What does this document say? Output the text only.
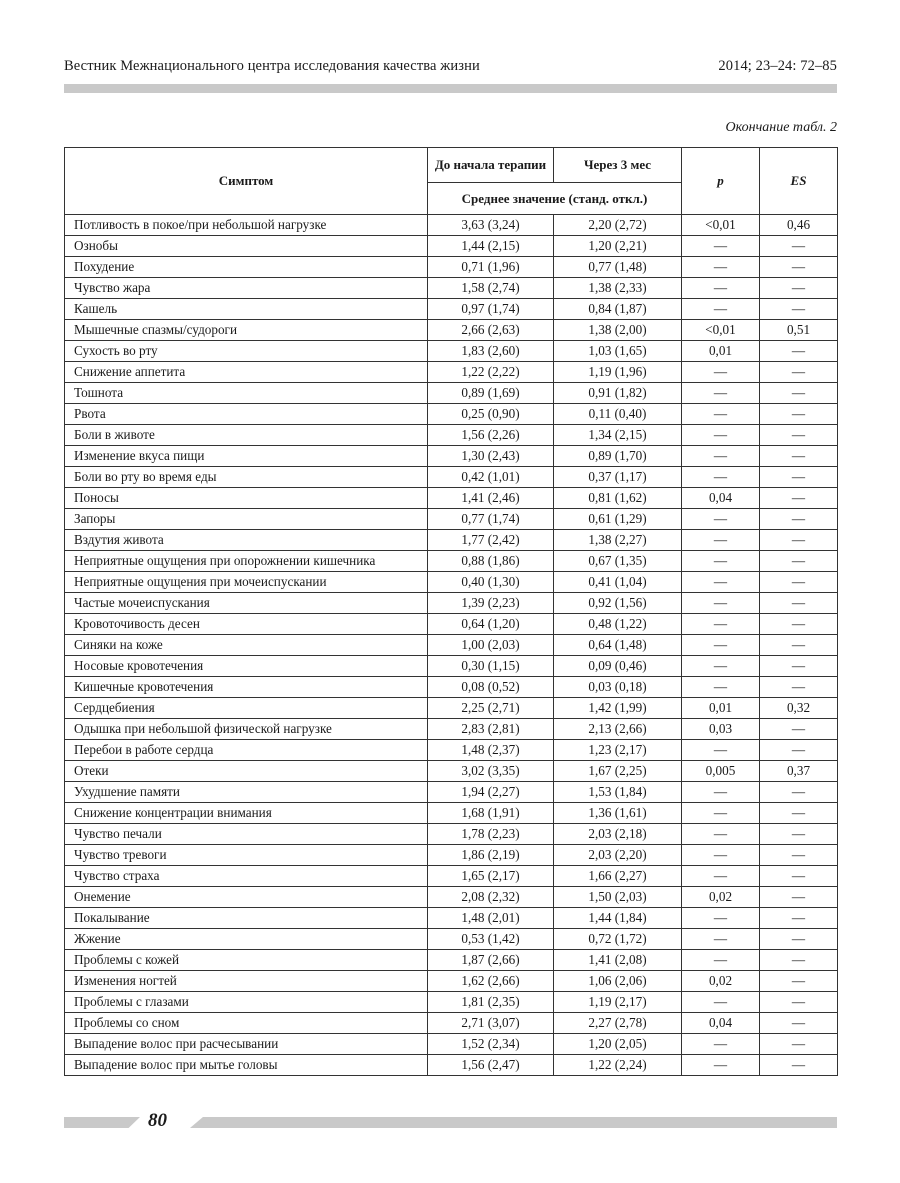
Вестник Межнационального центра исследования качества жизни	2014; 23–24: 72–85
Окончание табл. 2
Симптом	До начала терапии	Через 3 мес	p	ES
	Среднее значение (станд. откл.)			
Потливость в покое/при небольшой нагрузке	3,63 (3,24)	2,20 (2,72)	<0,01	0,46
Ознобы	1,44 (2,15)	1,20 (2,21)	—	—
Похудение	0,71 (1,96)	0,77 (1,48)	—	—
Чувство жара	1,58 (2,74)	1,38 (2,33)	—	—
Кашель	0,97 (1,74)	0,84 (1,87)	—	—
Мышечные спазмы/судороги	2,66 (2,63)	1,38 (2,00)	<0,01	0,51
Сухость во рту	1,83 (2,60)	1,03 (1,65)	0,01	—
Снижение аппетита	1,22 (2,22)	1,19 (1,96)	—	—
Тошнота	0,89 (1,69)	0,91 (1,82)	—	—
Рвота	0,25 (0,90)	0,11 (0,40)	—	—
Боли в животе	1,56 (2,26)	1,34 (2,15)	—	—
Изменение вкуса пищи	1,30 (2,43)	0,89 (1,70)	—	—
Боли во рту во время еды	0,42 (1,01)	0,37 (1,17)	—	—
Поносы	1,41 (2,46)	0,81 (1,62)	0,04	—
Запоры	0,77 (1,74)	0,61 (1,29)	—	—
Вздутия живота	1,77 (2,42)	1,38 (2,27)	—	—
Неприятные ощущения при опорожнении кишечника	0,88 (1,86)	0,67 (1,35)	—	—
Неприятные ощущения при мочеиспускании	0,40 (1,30)	0,41 (1,04)	—	—
Частые мочеиспускания	1,39 (2,23)	0,92 (1,56)	—	—
Кровоточивость десен	0,64 (1,20)	0,48 (1,22)	—	—
Синяки на коже	1,00 (2,03)	0,64 (1,48)	—	—
Носовые кровотечения	0,30 (1,15)	0,09 (0,46)	—	—
Кишечные кровотечения	0,08 (0,52)	0,03 (0,18)	—	—
Сердцебиения	2,25 (2,71)	1,42 (1,99)	0,01	0,32
Одышка при небольшой физической нагрузке	2,83 (2,81)	2,13 (2,66)	0,03	—
Перебои в работе сердца	1,48 (2,37)	1,23 (2,17)	—	—
Отеки	3,02 (3,35)	1,67 (2,25)	0,005	0,37
Ухудшение памяти	1,94 (2,27)	1,53 (1,84)	—	—
Снижение концентрации внимания	1,68 (1,91)	1,36 (1,61)	—	—
Чувство печали	1,78 (2,23)	2,03 (2,18)	—	—
Чувство тревоги	1,86 (2,19)	2,03 (2,20)	—	—
Чувство страха	1,65 (2,17)	1,66 (2,27)	—	—
Онемение	2,08 (2,32)	1,50 (2,03)	0,02	—
Покалывание	1,48 (2,01)	1,44 (1,84)	—	—
Жжение	0,53 (1,42)	0,72 (1,72)	—	—
Проблемы с кожей	1,87 (2,66)	1,41 (2,08)	—	—
Изменения ногтей	1,62 (2,66)	1,06 (2,06)	0,02	—
Проблемы с глазами	1,81 (2,35)	1,19 (2,17)	—	—
Проблемы со сном	2,71 (3,07)	2,27 (2,78)	0,04	—
Выпадение волос при расчесывании	1,52 (2,34)	1,20 (2,05)	—	—
Выпадение волос при мытье головы	1,56 (2,47)	1,22 (2,24)	—	—
80
